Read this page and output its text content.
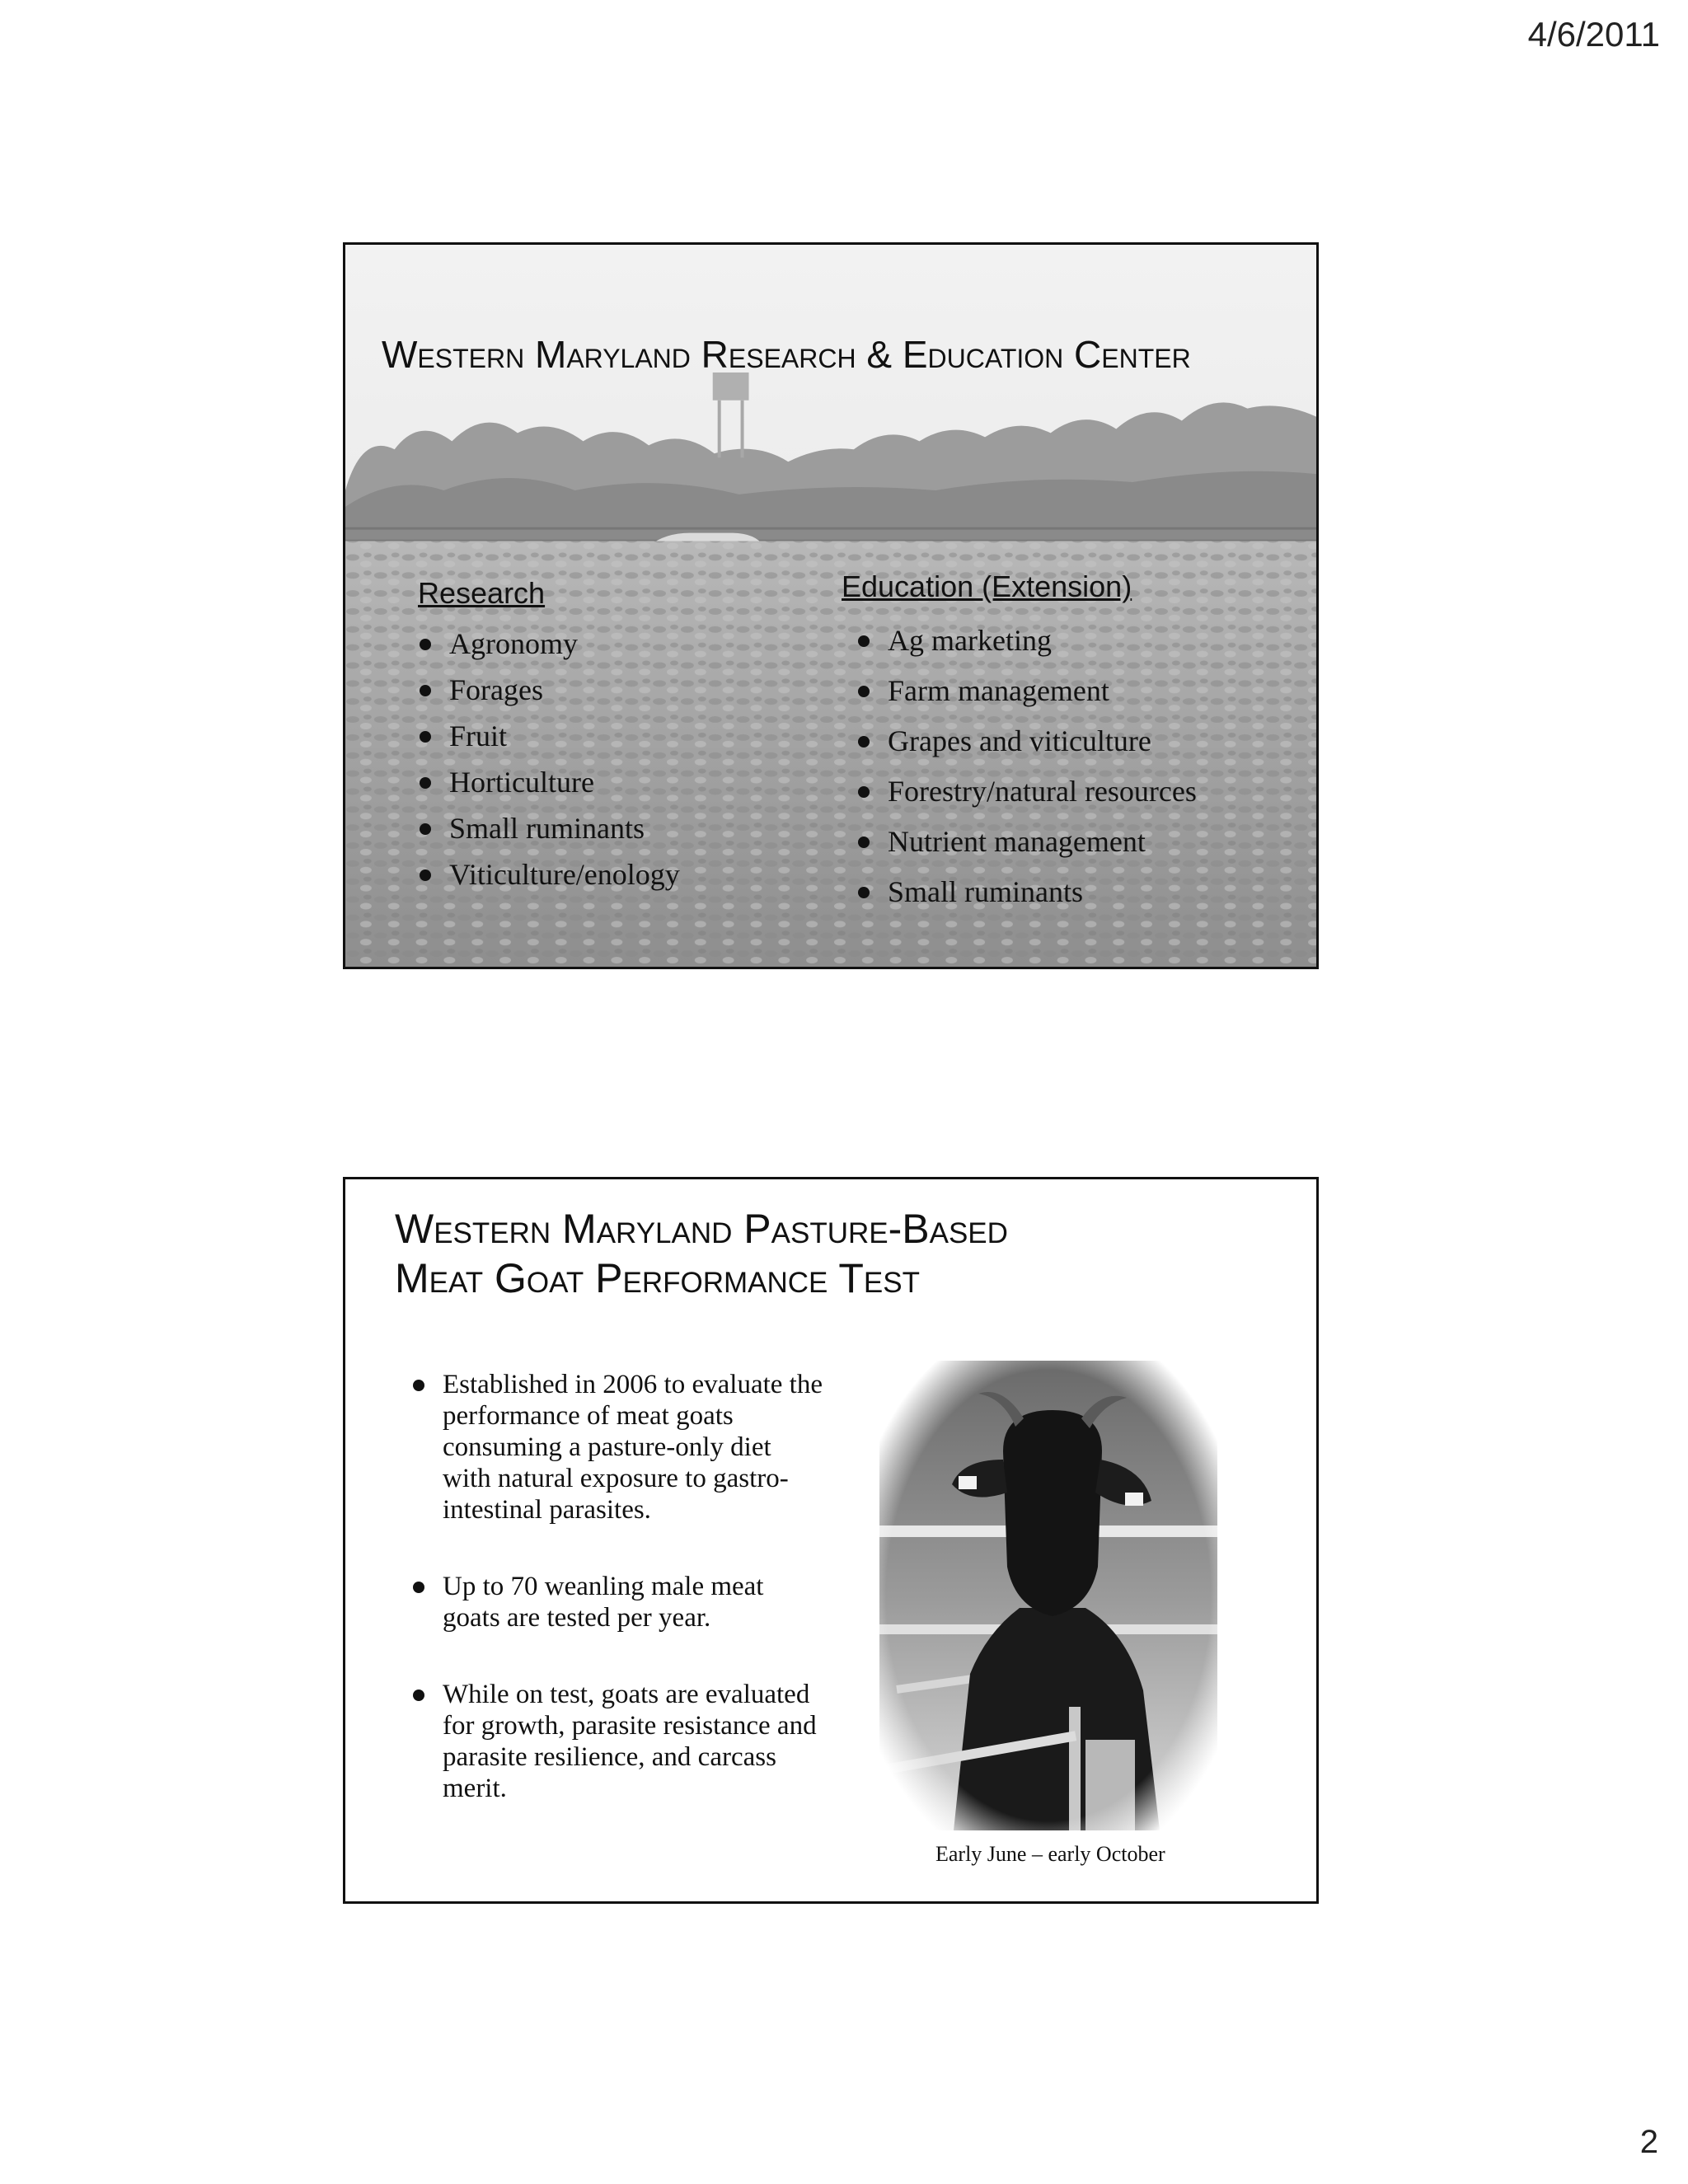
4/6/2011
Western Maryland Research & Education Center
Research
Agronomy
Forages
Fruit
Horticulture
Small ruminants
Viticulture/enology
Education (Extension)
Ag marketing
Farm management
Grapes and viticulture
Forestry/natural resources
Nutrient management
Small ruminants
Western Maryland Pasture-Based
Meat Goat Performance Test
Established in 2006 to evaluate the performance of meat goats consuming a pasture-only diet with natural exposure to gastro-intestinal parasites.
Up to 70 weanling male meat goats are tested per year.
While on test, goats are evaluated for growth, parasite resistance and parasite resilience, and carcass merit.
Early June – early October
2
